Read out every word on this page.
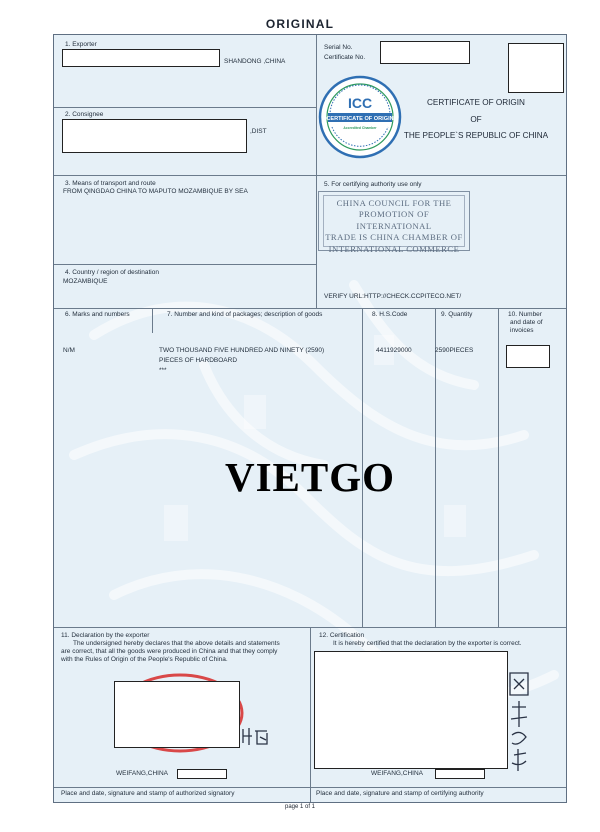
ORIGINAL
1. Exporter
SHANDONG ,CHINA
Serial No.
Certificate No.
2. Consignee
,DIST
CERTIFICATE OF ORIGIN
ICC
Accredited Chamber
CERTIFICATE OF ORIGIN
OF
THE PEOPLE`S REPUBLIC OF CHINA
3. Means of transport and route
FROM QINGDAO CHINA TO MAPUTO MOZAMBIQUE BY SEA
5. For certifying authority use only
CHINA COUNCIL FOR THE
PROMOTION OF INTERNATIONAL
TRADE IS CHINA CHAMBER OF
INTERNATIONAL COMMERCE
VERIFY URL:HTTP://CHECK.CCPITECO.NET/
4. Country / region of destination
MOZAMBIQUE
6. Marks and numbers	7. Number and kind of packages; description of goods	8. H.S.Code	9. Quantity	10. Number
and date of
invoices
N/M	TWO THOUSAND FIVE HUNDRED AND NINETY (2590)
PIECES OF HARDBOARD
***
4411929000	2590PIECES
VIETGO
11. Declaration by the exporter
The undersigned hereby declares that the above details and statements
are correct, that all the goods were produced in China and that they comply
with the Rules of Origin of the People's Republic of China.
WEIFANG,CHINA
Place and date, signature and stamp of authorized signatory
12. Certification
It is hereby certified that the declaration by the exporter is correct.
WEIFANG,CHINA
Place and date, signature and stamp of certifying authority
page 1 of 1
